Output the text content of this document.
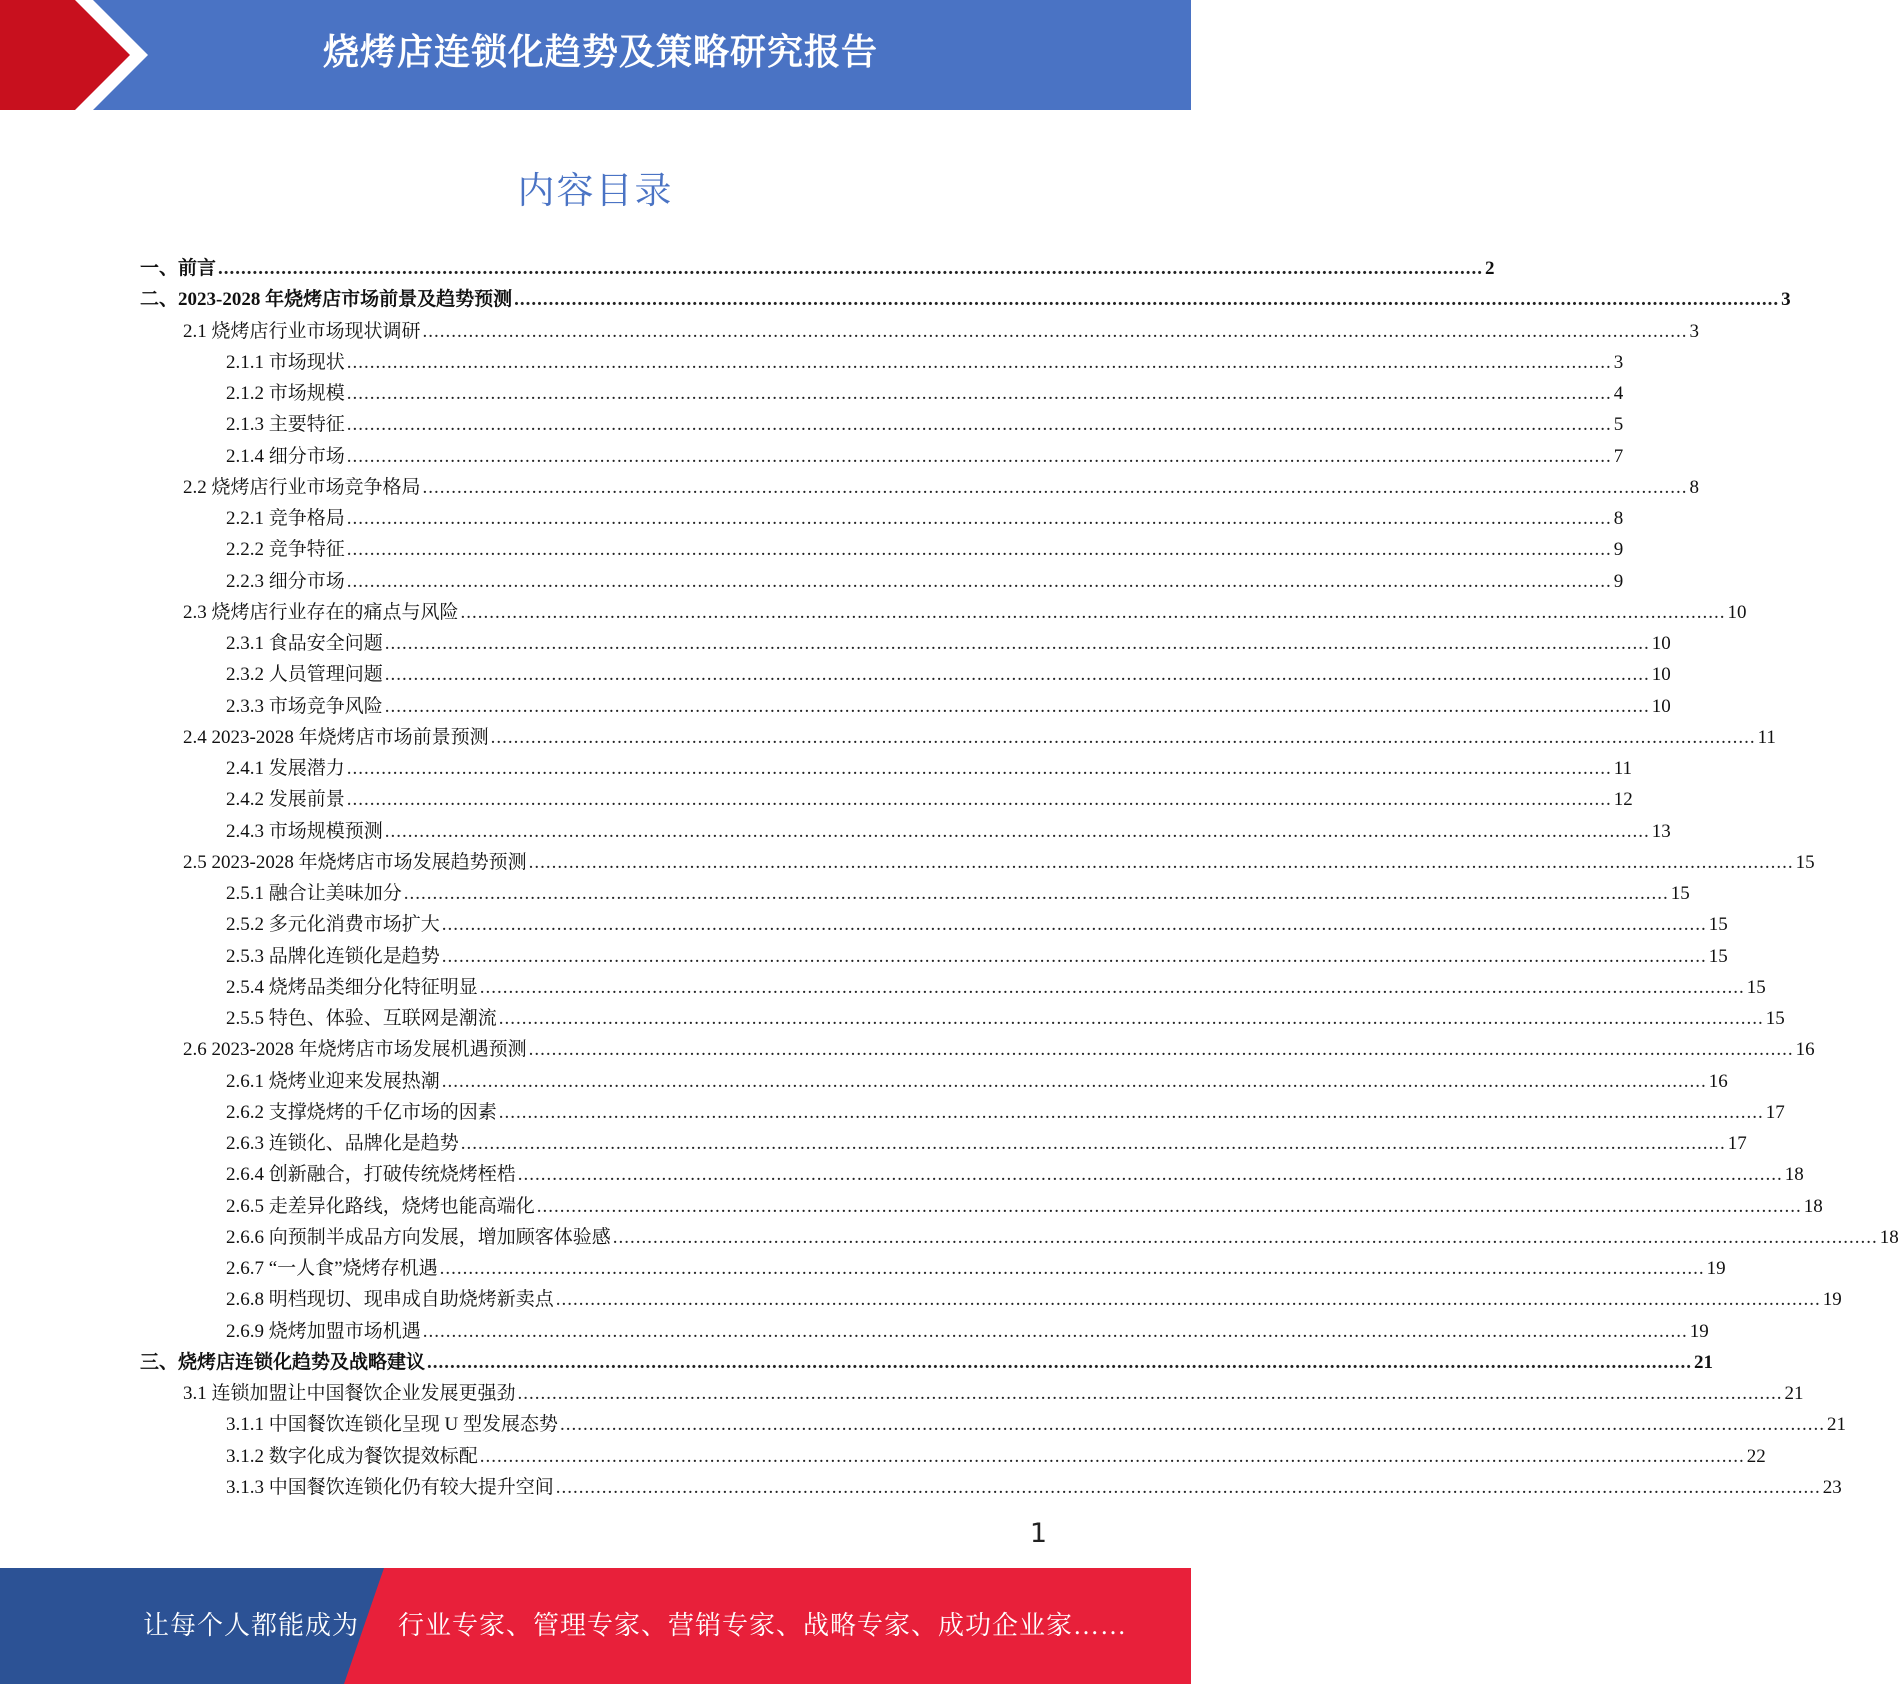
烧烤店连锁化趋势及策略研究报告
内容目录
一、前言 ............................................................................................................................................................................................................................ 2
二、2023-2028 年烧烤店市场前景及趋势预测 ............................................................................................................................................................................................................................ 3
2.1 烧烤店行业市场现状调研 ............................................................................................................................................................................................................................ 3
2.1.1 市场现状 ............................................................................................................................................................................................................................ 3
2.1.2 市场规模 ............................................................................................................................................................................................................................ 4
2.1.3 主要特征 ............................................................................................................................................................................................................................ 5
2.1.4 细分市场 ............................................................................................................................................................................................................................ 7
2.2 烧烤店行业市场竞争格局 ............................................................................................................................................................................................................................ 8
2.2.1 竞争格局 ............................................................................................................................................................................................................................ 8
2.2.2 竞争特征 ............................................................................................................................................................................................................................ 9
2.2.3 细分市场 ............................................................................................................................................................................................................................ 9
2.3 烧烤店行业存在的痛点与风险 ............................................................................................................................................................................................................................ 10
2.3.1 食品安全问题 ............................................................................................................................................................................................................................ 10
2.3.2 人员管理问题 ............................................................................................................................................................................................................................ 10
2.3.3 市场竞争风险 ............................................................................................................................................................................................................................ 10
2.4 2023-2028 年烧烤店市场前景预测 ............................................................................................................................................................................................................................ 11
2.4.1 发展潜力 ............................................................................................................................................................................................................................ 11
2.4.2 发展前景 ............................................................................................................................................................................................................................ 12
2.4.3 市场规模预测 ............................................................................................................................................................................................................................ 13
2.5 2023-2028 年烧烤店市场发展趋势预测 ............................................................................................................................................................................................................................ 15
2.5.1 融合让美味加分 ............................................................................................................................................................................................................................ 15
2.5.2 多元化消费市场扩大 ............................................................................................................................................................................................................................ 15
2.5.3 品牌化连锁化是趋势 ............................................................................................................................................................................................................................ 15
2.5.4 烧烤品类细分化特征明显 ............................................................................................................................................................................................................................ 15
2.5.5 特色、体验、互联网是潮流 ............................................................................................................................................................................................................................ 15
2.6 2023-2028 年烧烤店市场发展机遇预测 ............................................................................................................................................................................................................................ 16
2.6.1 烧烤业迎来发展热潮 ............................................................................................................................................................................................................................ 16
2.6.2 支撑烧烤的千亿市场的因素 ............................................................................................................................................................................................................................ 17
2.6.3 连锁化、品牌化是趋势 ............................................................................................................................................................................................................................ 17
2.6.4 创新融合，打破传统烧烤桎梏 ............................................................................................................................................................................................................................ 18
2.6.5 走差异化路线，烧烤也能高端化 ............................................................................................................................................................................................................................ 18
2.6.6 向预制半成品方向发展，增加顾客体验感 ............................................................................................................................................................................................................................ 18
2.6.7 “一人食”烧烤存机遇 ............................................................................................................................................................................................................................ 19
2.6.8 明档现切、现串成自助烧烤新卖点 ............................................................................................................................................................................................................................ 19
2.6.9 烧烤加盟市场机遇 ............................................................................................................................................................................................................................ 19
三、烧烤店连锁化趋势及战略建议 ............................................................................................................................................................................................................................ 21
3.1 连锁加盟让中国餐饮企业发展更强劲 ............................................................................................................................................................................................................................ 21
3.1.1 中国餐饮连锁化呈现 U 型发展态势 ............................................................................................................................................................................................................................ 21
3.1.2 数字化成为餐饮提效标配 ............................................................................................................................................................................................................................ 22
3.1.3 中国餐饮连锁化仍有较大提升空间 ............................................................................................................................................................................................................................ 23
1
让每个人都能成为 行业专家、管理专家、营销专家、战略专家、成功企业家……
